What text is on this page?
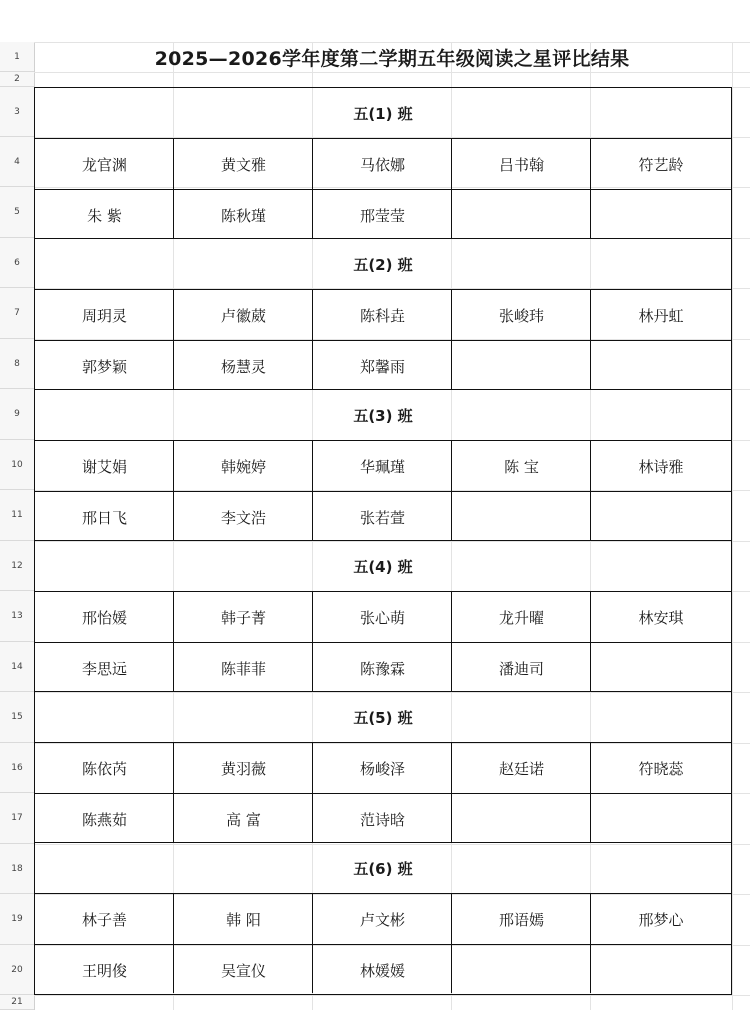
1
2
3
4
5
6
7
8
9
10
11
12
13
14
15
16
17
18
19
20
21
2025—2026学年度第二学期五年级阅读之星评比结果
五(1) 班
龙官渊	黄文雅	马依娜	吕书翰	符艺龄
朱 紫	陈秋瑾	邢莹莹
五(2) 班
周玥灵	卢徽葳	陈科垚	张峻玮	林丹虹
郭梦颖	杨慧灵	郑馨雨
五(3) 班
谢艾娟	韩婉婷	华珮瑾	陈 宝	林诗雅
邢日飞	李文浩	张若萱
五(4) 班
邢怡媛	韩子菁	张心萌	龙升曜	林安琪
李思远	陈菲菲	陈豫霖	潘迪司
五(5) 班
陈依芮	黄羽薇	杨峻泽	赵廷诺	符晓蕊
陈燕茹	高 富	范诗晗
五(6) 班
林子善	韩 阳	卢文彬	邢语嫣	邢梦心
王明俊	吴宣仪	林媛媛
